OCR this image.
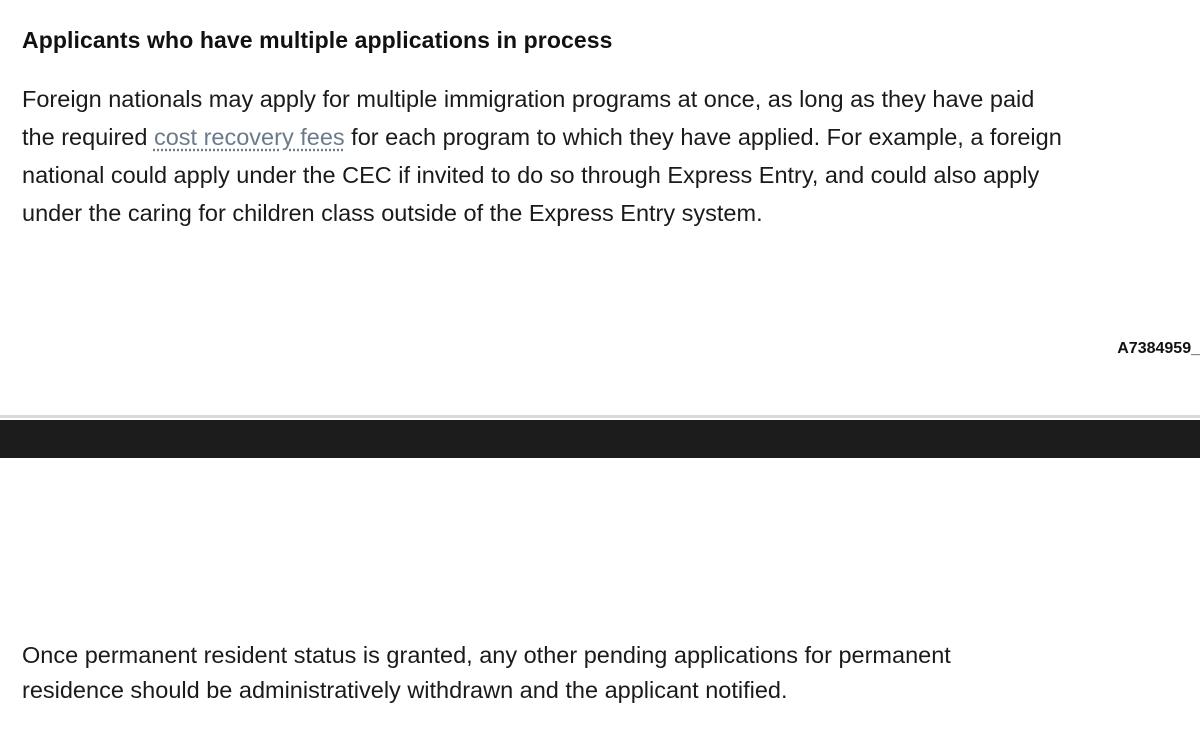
Applicants who have multiple applications in process

Foreign nationals may apply for multiple immigration programs at once, as long as they have paid
the required cost recovery fees for each program to which they have applied. For example, a foreign
national could apply under the CEC if invited to do so through Express Entry, and could also apply
under the caring for children class outside of the Express Entry system.

A7384959_

Once permanent resident status is granted, any other pending applications for permanent
residence should be administratively withdrawn and the applicant notified.
